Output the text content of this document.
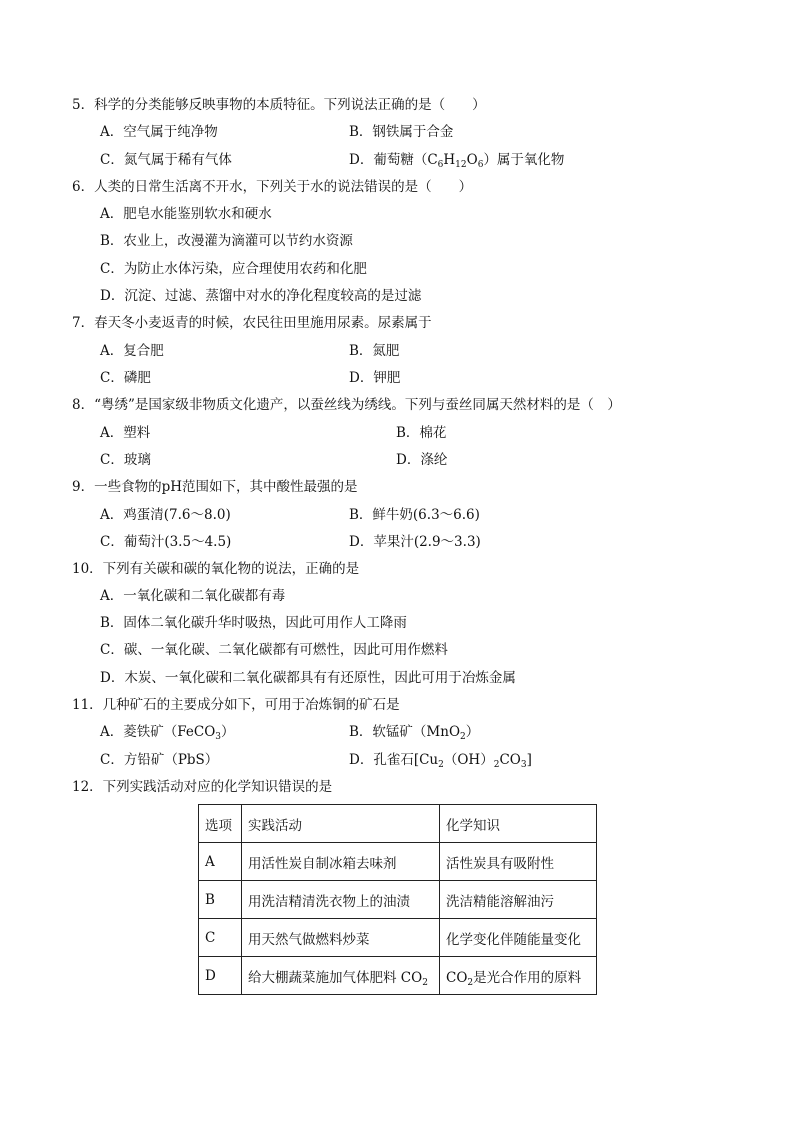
5．科学的分类能够反映事物的本质特征。下列说法正确的是（　　）
A．空气属于纯净物	B．钢铁属于合金
C．氮气属于稀有气体	D．葡萄糖$(C_6H_{12}O_6)$属于氧化物
6．人类的日常生活离不开水，下列关于水的说法错误的是（　　）
A．肥皂水能鉴别软水和硬水
B．农业上，改漫灌为滴灌可以节约水资源
C．为防止水体污染，应合理使用农药和化肥
D．沉淀、过滤、蒸馏中对水的净化程度较高的是过滤
7．春天冬小麦返青的时候，农民往田里施用尿素。尿素属于
A．复合肥	B．氮肥
C．磷肥	D．钾肥
8．“粤绣”是国家级非物质文化遗产，以蚕丝线为绣线。下列与蚕丝同属天然材料的是（　）
A．塑料	B．棉花
C．玻璃	D．涤纶
9．一些食物的pH范围如下，其中酸性最强的是
A．鸡蛋清(7.6～8.0)	B．鲜牛奶(6.3～6.6)
C．葡萄汁(3.5～4.5)	D．苹果汁(2.9～3.3)
10．下列有关碳和碳的氧化物的说法，正确的是
A．一氧化碳和二氧化碳都有毒
B．固体二氧化碳升华时吸热，因此可用作人工降雨
C．碳、一氧化碳、二氧化碳都有可燃性，因此可用作燃料
D．木炭、一氧化碳和二氧化碳都具有有还原性，因此可用于冶炼金属
11．几种矿石的主要成分如下，可用于冶炼铜的矿石是
A．菱铁矿（FeCO$_3$）	B．软锰矿（MnO$_2$）
C．方铅矿（PbS）	D．孔雀石$[Cu_2(OH)_2CO_3]$
12．下列实践活动对应的化学知识错误的是
选项	实践活动	化学知识
A	用活性炭自制冰箱去味剂	活性炭具有吸附性
B	用洗洁精清洗衣物上的油渍	洗洁精能溶解油污
C	用天然气做燃料炒菜	化学变化伴随能量变化
D	给大棚蔬菜施加气体肥料 $CO_2$	$CO_2$是光合作用的原料
